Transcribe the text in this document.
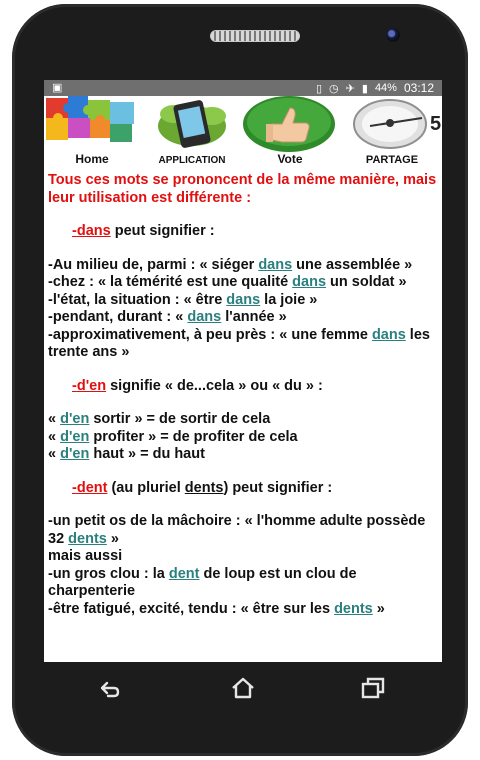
▣	▯ ◷ ✈ ▮ 44% 03:12
Home	APPLICATION	Vote
5
PARTAGE

Tous ces mots se prononcent de la même manière, mais leur utilisation est différente :

-dans peut signifier :

-Au milieu de, parmi : « siéger dans une assemblée »

-chez : « la témérité est une qualité dans un soldat »

-l'état, la situation : « être dans la joie »

-pendant, durant : « dans l'année »

-approximativement, à peu près : « une femme dans les trente ans »

-d'en signifie « de...cela » ou « du » :

« d'en sortir » = de sortir de cela

« d'en profiter » = de profiter de cela

« d'en haut » = du haut

-dent (au pluriel dents) peut signifier :

-un petit os de la mâchoire : « l'homme adulte possède 32 dents »

mais aussi

-un gros clou : la dent de loup est un clou de charpenterie

-être fatigué, excité, tendu : « être sur les dents »
